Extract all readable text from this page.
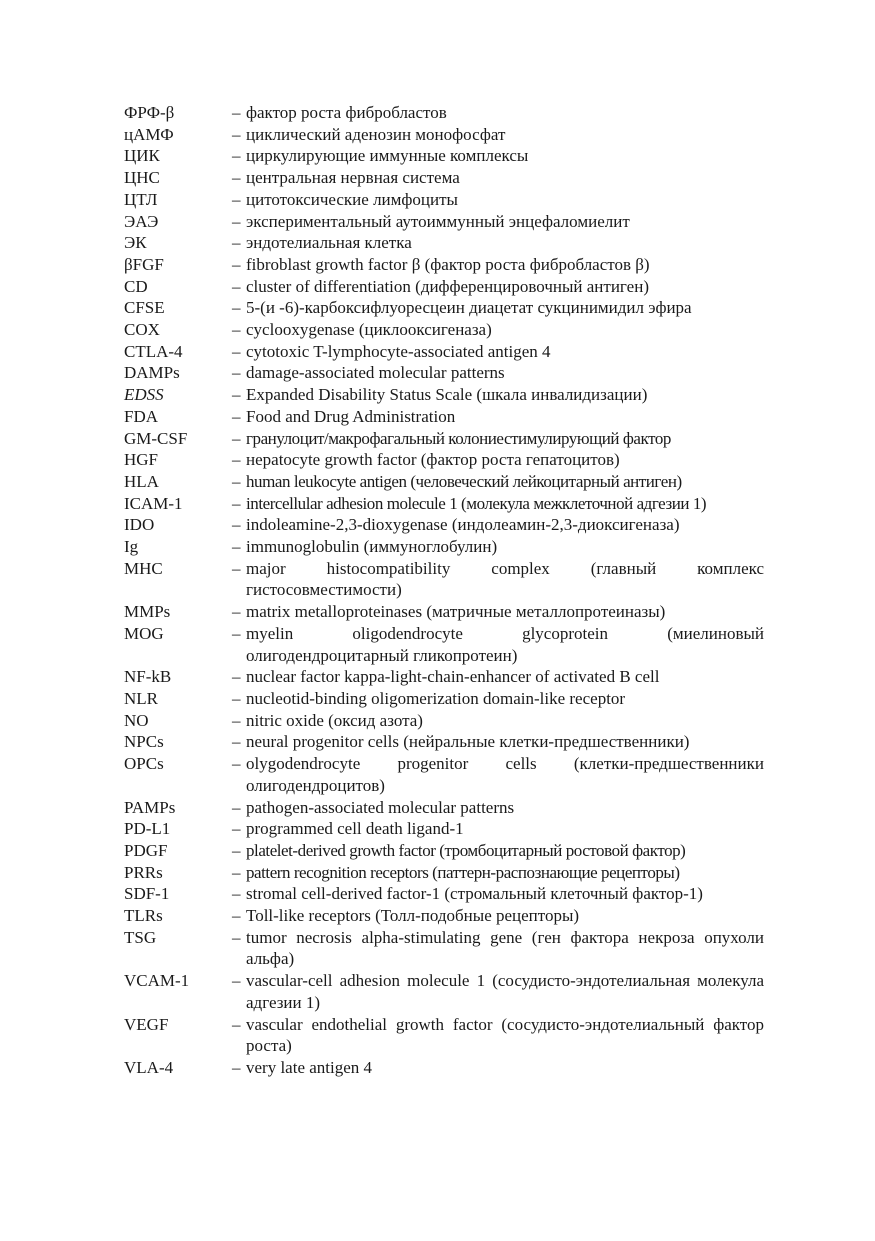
ФРФ-β	– фактор роста фибробластов
цАМФ	– циклический аденозин монофосфат
ЦИК	– циркулирующие иммунные комплексы
ЦНС	– центральная нервная система
ЦТЛ	– цитотоксические лимфоциты
ЭАЭ	– экспериментальный аутоиммунный энцефаломиелит
ЭК	– эндотелиальная клетка
βFGF	– fibroblast growth factor β (фактор роста фибробластов β)
CD	– cluster of differentiation (дифференцировочный антиген)
CFSE	– 5-(и -6)-карбоксифлуоресцеин диацетат сукцинимидил эфира
COX	– cyclooxygenase (циклооксигеназа)
CTLA-4	– cytotoxic T-lymphocyte-associated antigen 4
DAMPs	– damage-associated molecular patterns
EDSS	– Expanded Disability Status Scale (шкала инвалидизации)
FDA	– Food and Drug Administration
GM-CSF	– гранулоцит/макрофагальный колониестимулирующий фактор
HGF	– нepatocyte growth factor (фактор роста гепатоцитов)
HLA	– human leukocyte antigen (человеческий лейкоцитарный антиген)
ICAM-1	– intercellular adhesion molecule 1 (молекула межклеточной адгезии 1)
IDO	– indoleamine-2,3-dioxygenase (индолеамин-2,3-диоксигеназа)
Ig	– immunoglobulin (иммуноглобулин)
MHC	– major histocompatibility complex (главный комплекс гистосовместимости)
MMPs	– matrix metalloproteinases (матричные металлопротеиназы)
MOG	– myelin oligodendrocyte glycoprotein (миелиновый олигодендроцитарный гликопротеин)
NF-kB	– nuclear factor kappa-light-chain-enhancer of activated B cell
NLR	– nucleotid-binding oligomerization domain-like receptor
NO	– nitric oxide (оксид азота)
NPCs	– neural progenitor cells (нейральные клетки-предшественники)
OPCs	– olygodendrocyte progenitor cells (клетки-предшественники олигодендроцитов)
PAMPs	– pathogen-associated molecular patterns
PD-L1	– programmed cell death ligand-1
PDGF	– platelet-derived growth factor (тромбоцитарный ростовой фактор)
PRRs	– pattern recognition receptors (паттерн-распознающие рецепторы)
SDF-1	– stromal cell-derived factor-1 (стромальный клеточный фактор-1)
TLRs	– Toll-like receptors (Толл-подобные рецепторы)
TSG	– tumor necrosis alpha-stimulating gene (ген фактора некроза опухоли альфа)
VCAM-1	– vascular-cell adhesion molecule 1 (сосудисто-эндотелиальная молекула адгезии 1)
VEGF	– vascular endothelial growth factor (сосудисто-эндотелиальный фактор роста)
VLA-4	– very late antigen 4
